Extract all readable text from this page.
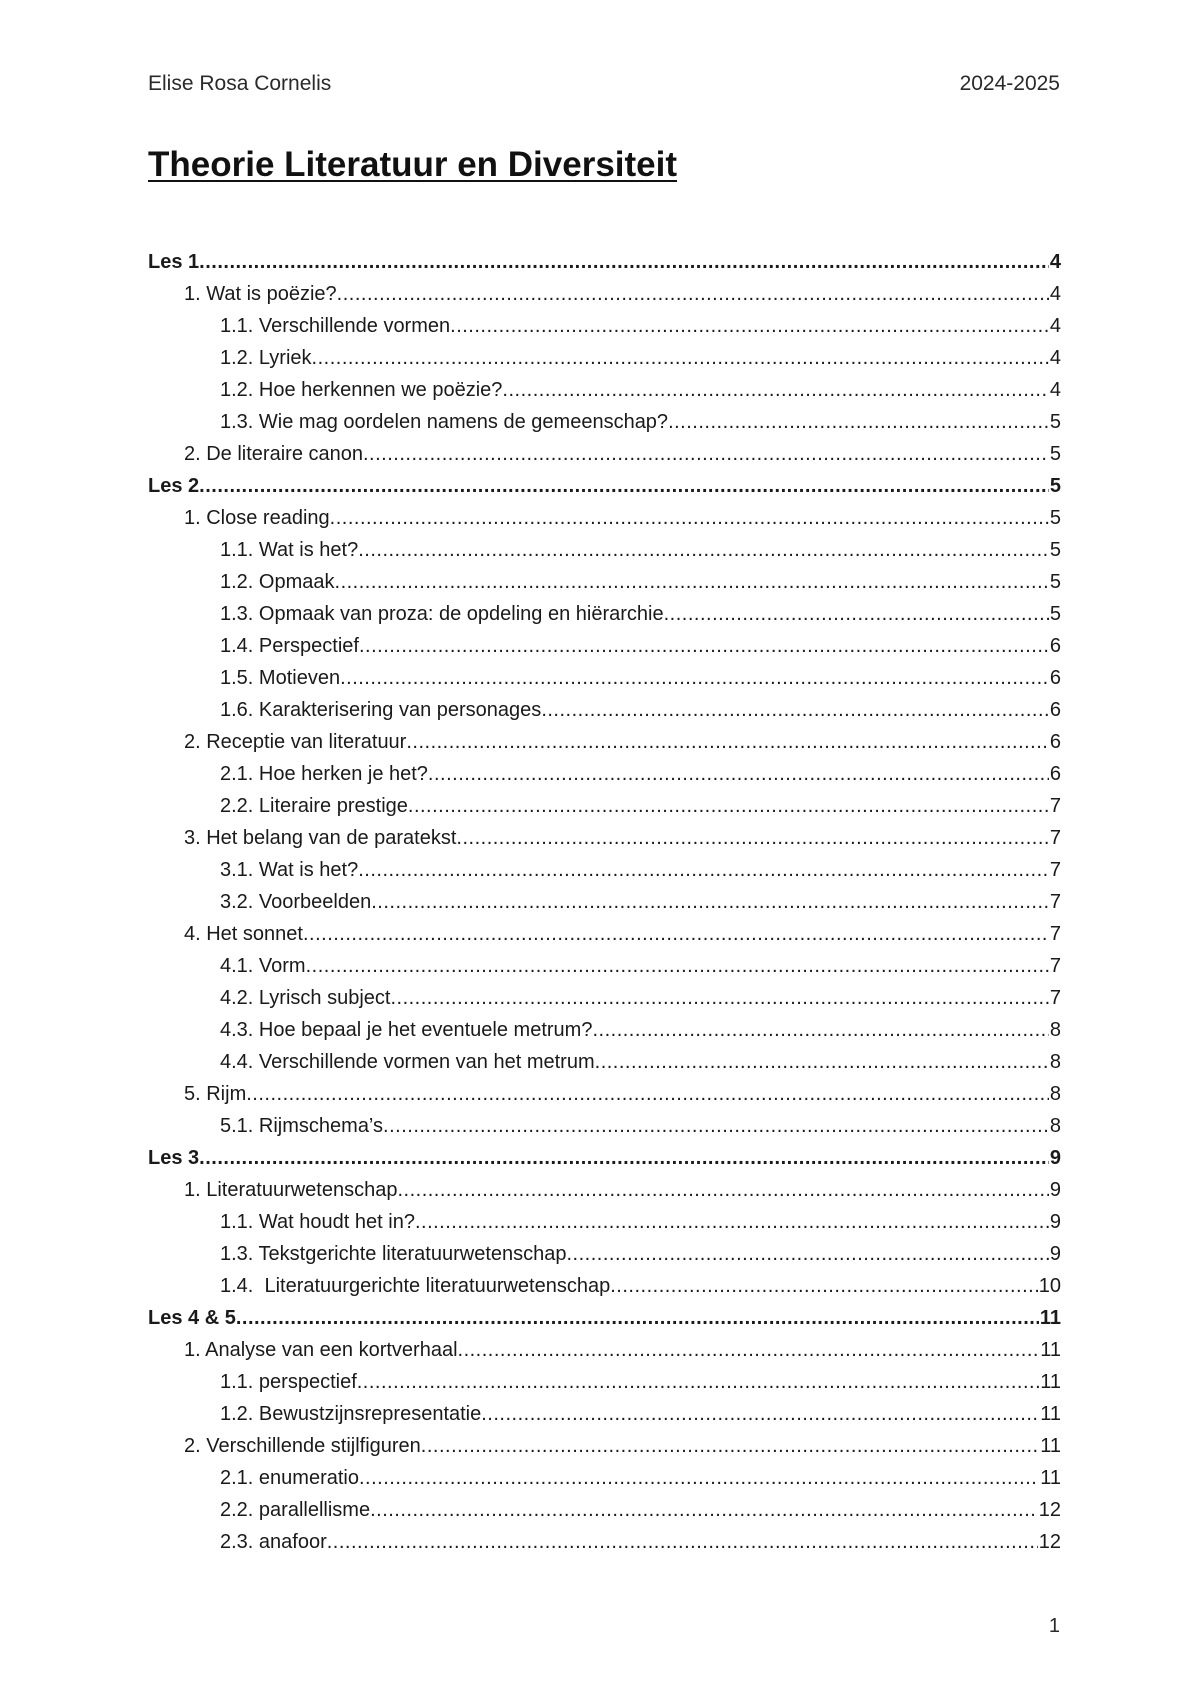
Elise Rosa Cornelis	2024-2025
Theorie Literatuur en Diversiteit
Les 1 .....	4
1. Wat is poëzie? .....	4
1.1. Verschillende vormen .....	4
1.2. Lyriek .....	4
1.2. Hoe herkennen we poëzie? .....	4
1.3. Wie mag oordelen namens de gemeenschap? .....	5
2. De literaire canon .....	5
Les 2 .....	5
1. Close reading .....	5
1.1. Wat is het? .....	5
1.2. Opmaak .....	5
1.3. Opmaak van proza: de opdeling en hiërarchie .....	5
1.4. Perspectief .....	6
1.5. Motieven .....	6
1.6. Karakterisering van personages .....	6
2. Receptie van literatuur .....	6
2.1. Hoe herken je het? .....	6
2.2. Literaire prestige .....	7
3. Het belang van de paratekst .....	7
3.1. Wat is het? .....	7
3.2. Voorbeelden .....	7
4. Het sonnet .....	7
4.1. Vorm .....	7
4.2. Lyrisch subject .....	7
4.3. Hoe bepaal je het eventuele metrum? .....	8
4.4. Verschillende vormen van het metrum .....	8
5. Rijm .....	8
5.1. Rijmschema’s .....	8
Les 3 .....	9
1. Literatuurwetenschap .....	9
1.1. Wat houdt het in? .....	9
1.3. Tekstgerichte literatuurwetenschap .....	9
1.4.  Literatuurgerichte literatuurwetenschap .....	10
Les 4 & 5 .....	11
1. Analyse van een kortverhaal .....	11
1.1. perspectief .....	11
1.2. Bewustzijnsrepresentatie .....	11
2. Verschillende stijlfiguren .....	11
2.1. enumeratio .....	11
2.2. parallellisme .....	12
2.3. anafoor .....	12
1
